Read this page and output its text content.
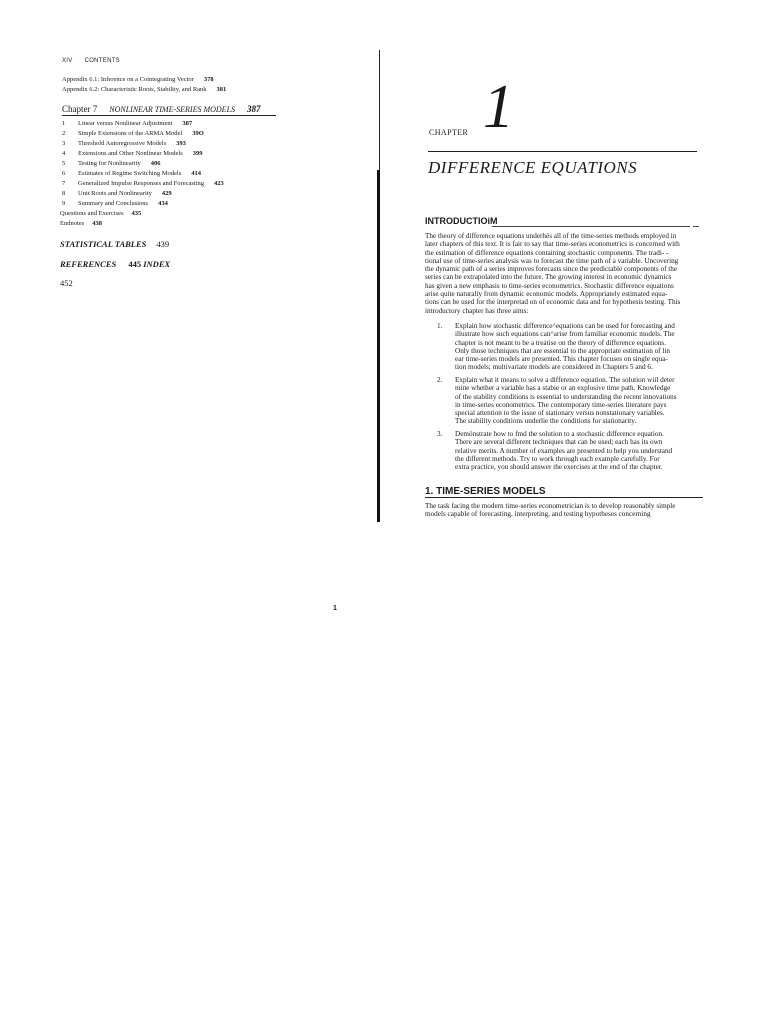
XIV CONTENTS
Appendix 6.1: Inference on a Cointegrating Vector 378
Appendix 6.2: Characteristic Roots, Stability, and Rank 381
Chapter 7 NONLINEAR TIME-SERIES MODELS 387
1 Linear versus Nonlinear Adjustment 387
2 Simple Extensions of the ARMA Model 39O
3 Threshold Autoregressive Models 393
4 Extensions and Other Nonlinear Models 399
5 Testing for Nonlinearity 406
6 Estimates of Regime Switching Models 414
7 Generalized Impulse Responses and Forecasting 423
8 Unit Roots and Nonlinearity 429
9 Summary and Conclusions 434
Questions and Exercises 435
Endnotes 438
STATISTICAL TABLES 439
REFERENCES 445 INDEX
452
CHAPTER 1
DIFFERENCE EQUATIONS
INTRODUCTIOiM

The theory of difference equations underhés all of the time-series methods employed in
later chapters of this text. It is fair to say that time-series econometrics is concerned with
the estimation of difference equations containing stochastic components. The tradi- -
tional use of time-series analysis was to forecast the time path of a variable. Uncovering
the dynamic path of a series improves forecasts since the predictable components of the
series can be extrapolated into the future. The growing interest in economic dynamics
has given a new emphasis to time-series econometrics. Stochastic difference equations
arise quite naturaliy from dynamic economic models. Appropriately estimated equa-
tions can be used for the interpretad on of economic data and for hypothesis testing. This
introductory chapter has three aims:

1.	Explain how stochastic difference^equations can be used for forecasting and
illustrate how such equations can^arise from familiar economic models. The
chapter is not meant to be a treatise on the theory of difference equations.
Only those techniques that are essential to the appropriate estimation of lin
ear time-series models are presented. This chapter focuses on single equa-
tion models; multivariate models are considered in Chapters 5 and 6.
2.	Explain what it means to solve a difference equation. The solution wiil deter
mine whether a variable has a stabie or an explosive time path. Knowledge
of the stability conditions is essential to understanding the recent innovations
in time-series econometrics. The contemporary time-series literature pays
special attention to the issue of stationary versus nonstationary variables.
The stability conditions underlie the conditions for stationarity.
3.	Demónstrate how to fmd the solution to a stochastic difference equation.
There are several different techniques that can be used; each has its own
relative merits. A number of examples are presented to help you understand
the different methods. Try to work through each example carefully. For
extra practice, you should answer the exercises at the end of the chapter.
1. TIME-SERIES MODELS

The task facing the modern time-series econometrician is to develop reasonably simple
models capable of forecasting, interpreting, and testing hypotheses concerning

1
